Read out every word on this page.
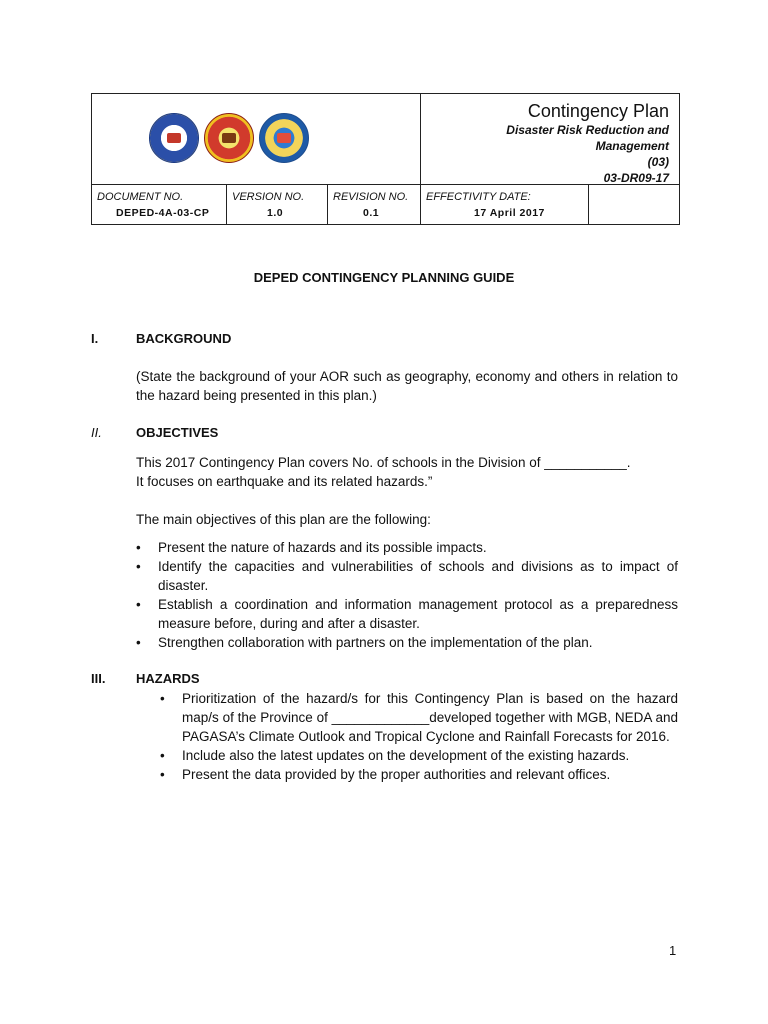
Contingency Plan
Disaster Risk Reduction and
Management
(03)
03-DR09-17
DOCUMENT NO.
DEPED-4A-03-CP
VERSION NO.
1.0
REVISION NO.
0.1
EFFECTIVITY DATE:
17 April 2017
DEPED CONTINGENCY PLANNING GUIDE
I.	BACKGROUND
(State the background of your AOR such as geography, economy and others in relation to the hazard being presented in this plan.)
II.	OBJECTIVES
This 2017 Contingency Plan covers No. of schools in the Division of ___________.
It focuses on earthquake and its related hazards.”
The main objectives of this plan are the following:
• Present the nature of hazards and its possible impacts.
• Identify the capacities and vulnerabilities of schools and divisions as to impact of disaster.
• Establish a coordination and information management protocol as a preparedness measure before, during and after a disaster.
• Strengthen collaboration with partners on the implementation of the plan.
III. HAZARDS
• Prioritization of the hazard/s for this Contingency Plan is based on the hazard map/s of the Province of _____________developed together with MGB, NEDA and PAGASA’s Climate Outlook and Tropical Cyclone and Rainfall Forecasts for 2016.
• Include also the latest updates on the development of the existing hazards.
• Present the data provided by the proper authorities and relevant offices.
1
